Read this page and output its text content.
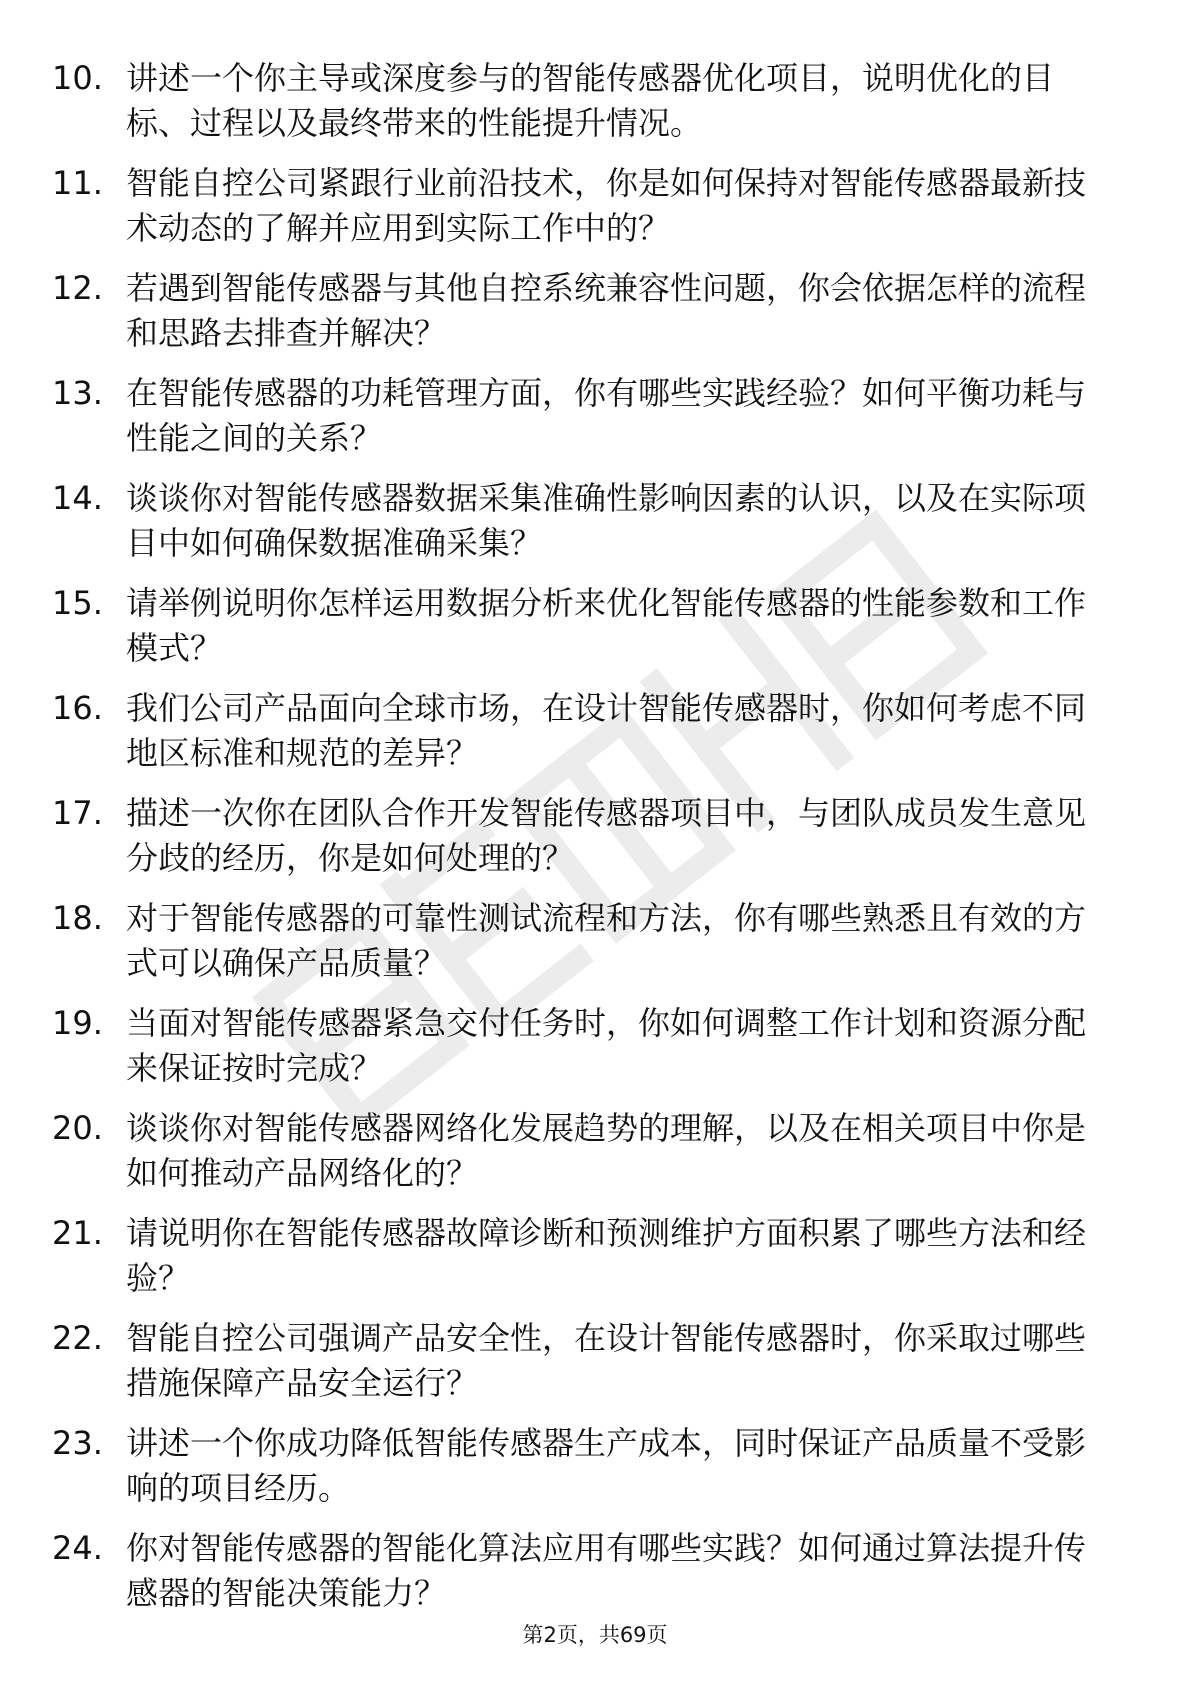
10. 讲述一个你主导或深度参与的智能传感器优化项目，说明优化的目标、过程以及最终带来的性能提升情况。
11. 智能自控公司紧跟行业前沿技术，你是如何保持对智能传感器最新技术动态的了解并应用到实际工作中的？
12. 若遇到智能传感器与其他自控系统兼容性问题，你会依据怎样的流程和思路去排查并解决？
13. 在智能传感器的功耗管理方面，你有哪些实践经验？如何平衡功耗与性能之间的关系？
14. 谈谈你对智能传感器数据采集准确性影响因素的认识，以及在实际项目中如何确保数据准确采集？
15. 请举例说明你怎样运用数据分析来优化智能传感器的性能参数和工作模式？
16. 我们公司产品面向全球市场，在设计智能传感器时，你如何考虑不同地区标准和规范的差异？
17. 描述一次你在团队合作开发智能传感器项目中，与团队成员发生意见分歧的经历，你是如何处理的？
18. 对于智能传感器的可靠性测试流程和方法，你有哪些熟悉且有效的方式可以确保产品质量？
19. 当面对智能传感器紧急交付任务时，你如何调整工作计划和资源分配来保证按时完成？
20. 谈谈你对智能传感器网络化发展趋势的理解，以及在相关项目中你是如何推动产品网络化的？
21. 请说明你在智能传感器故障诊断和预测维护方面积累了哪些方法和经验？
22. 智能自控公司强调产品安全性，在设计智能传感器时，你采取过哪些措施保障产品安全运行？
23. 讲述一个你成功降低智能传感器生产成本，同时保证产品质量不受影响的项目经历。
24. 你对智能传感器的智能化算法应用有哪些实践？如何通过算法提升传感器的智能决策能力？
第2页，共69页
